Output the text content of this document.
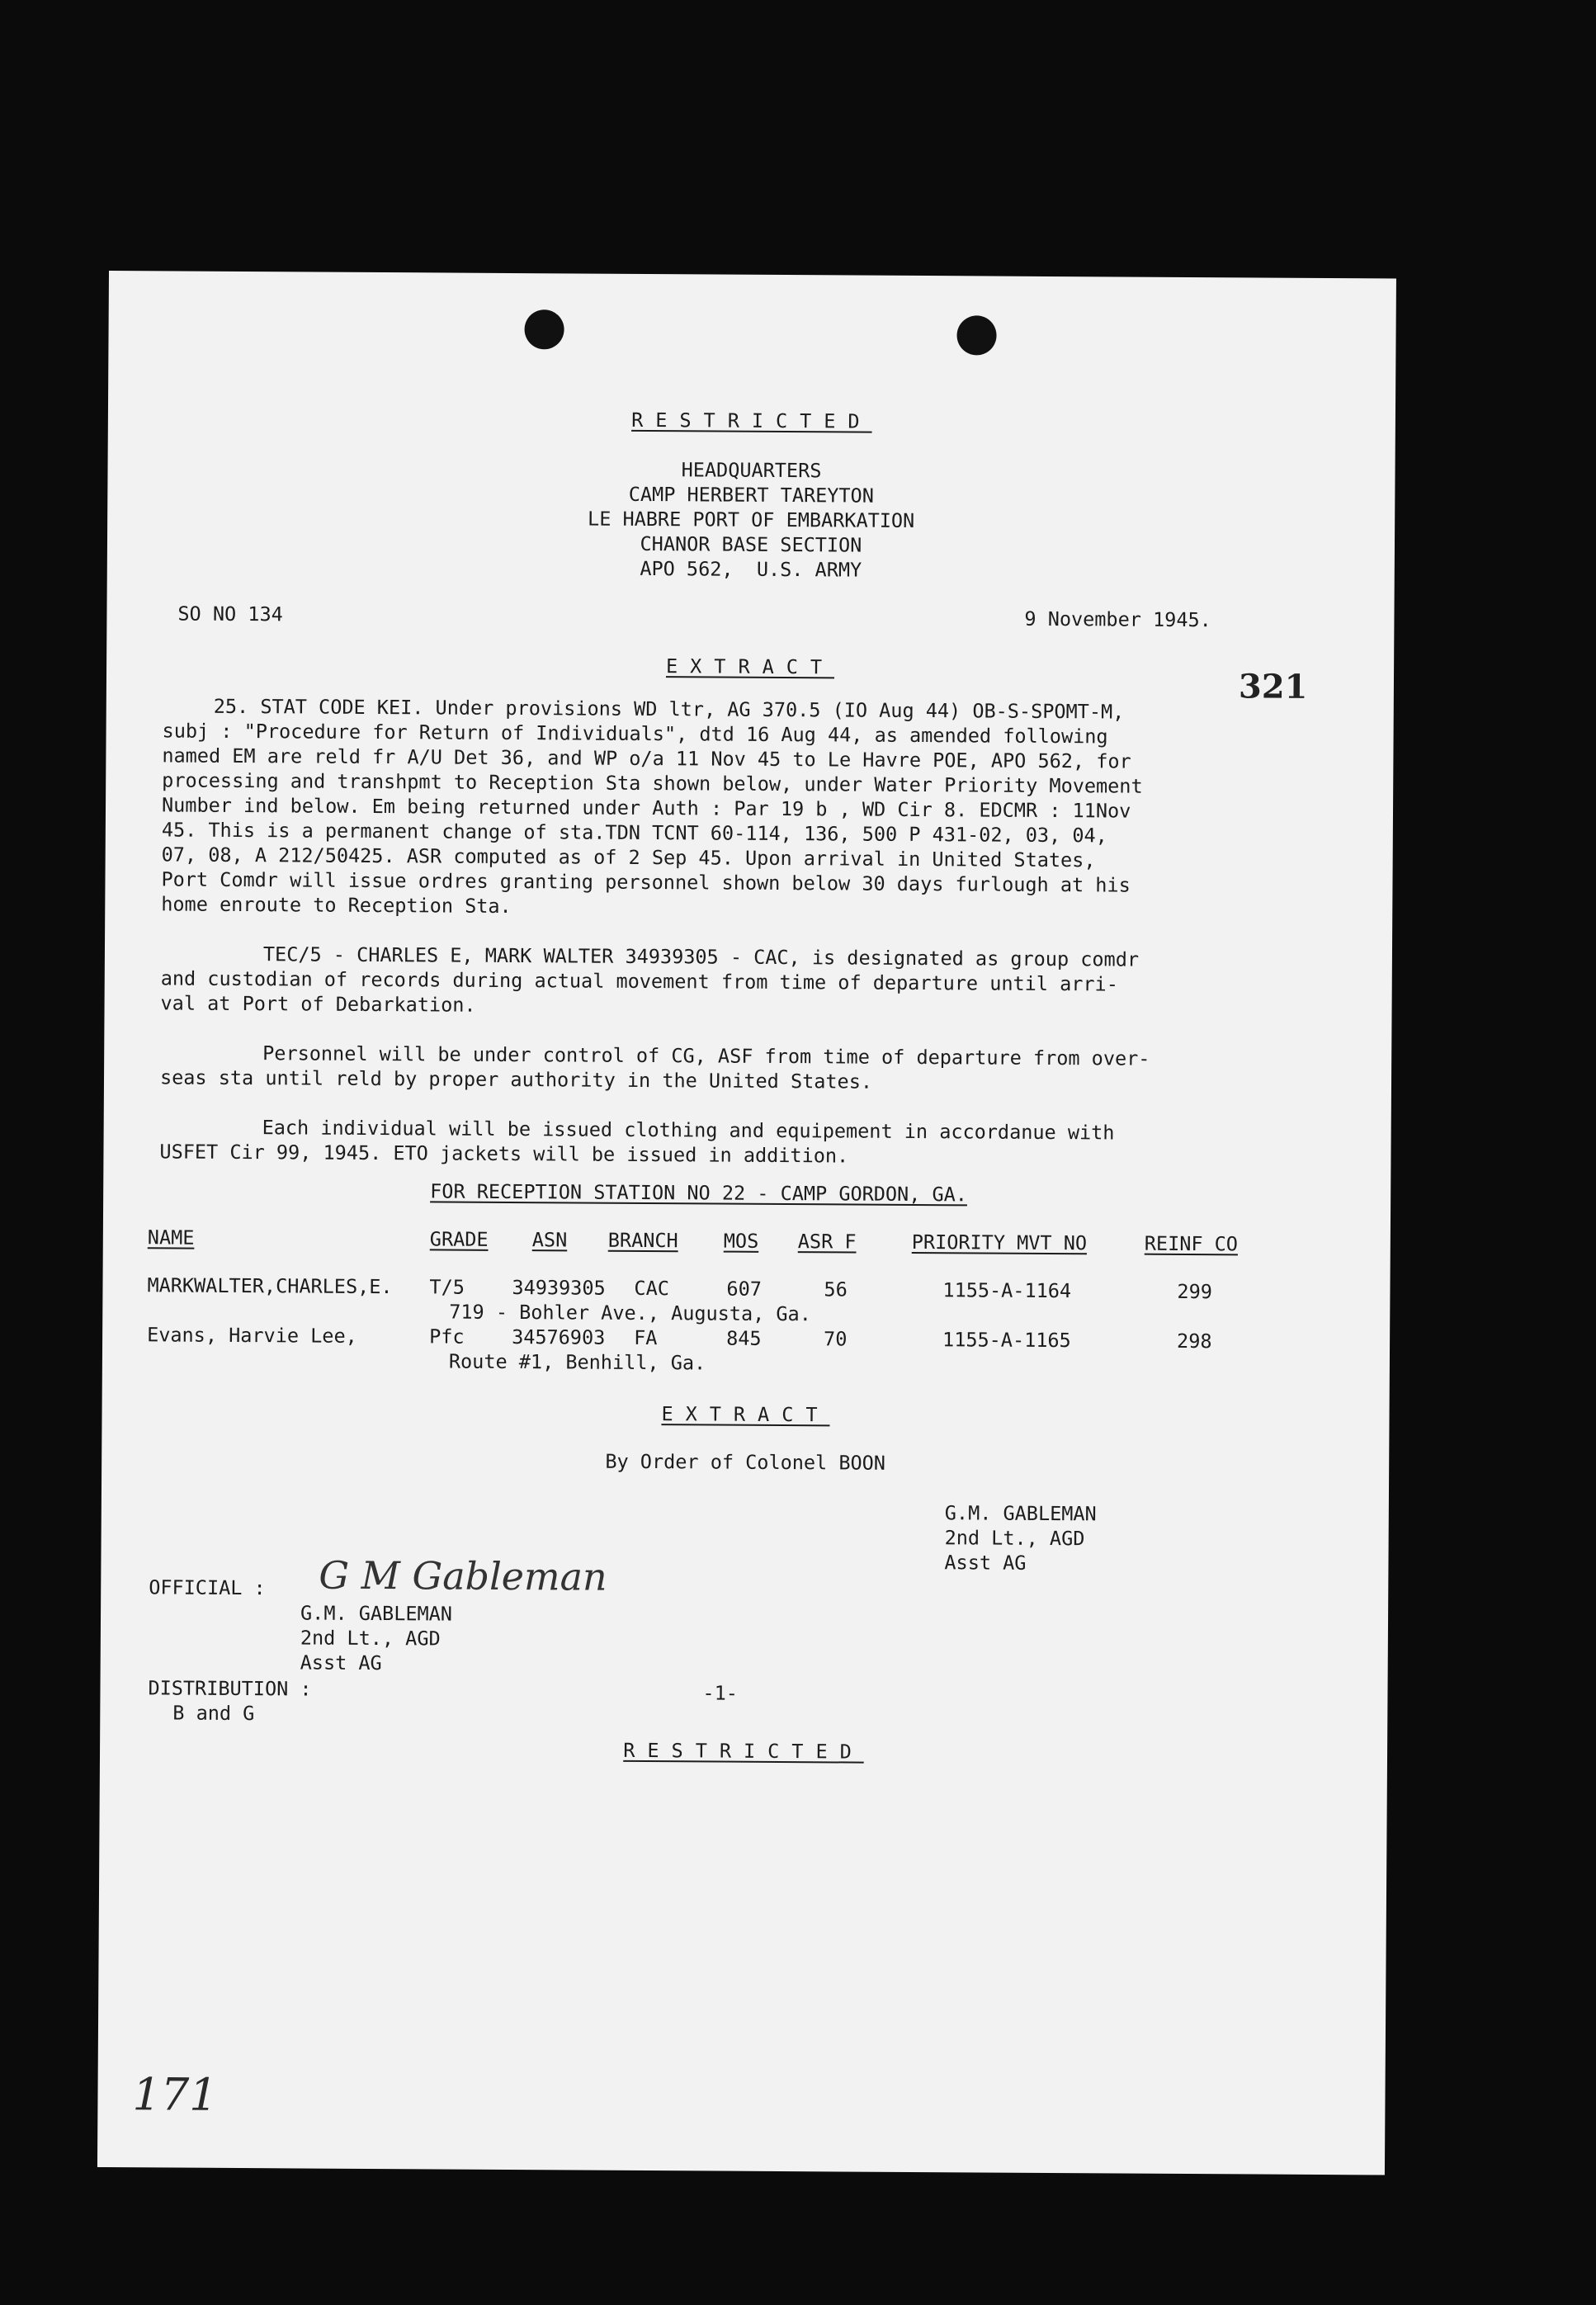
RESTRICTED
HEADQUARTERS
CAMP HERBERT TAREYTON
LE HABRE PORT OF EMBARKATION
CHANOR BASE SECTION
APO 562,  U.S. ARMY
SO NO 134	9 November 1945.
EXTRACT
321
25. STAT CODE KEI. Under provisions WD ltr, AG 370.5 (IO Aug 44) OB-S-SPOMT-M,
subj : "Procedure for Return of Individuals", dtd 16 Aug 44, as amended following
named EM are reld fr A/U Det 36, and WP o/a 11 Nov 45 to Le Havre POE, APO 562, for
processing and transhpmt to Reception Sta shown below, under Water Priority Movement
Number ind below. Em being returned under Auth : Par 19 b , WD Cir 8. EDCMR : 11Nov
45. This is a permanent change of sta.TDN TCNT 60-114, 136, 500 P 431-02, 03, 04,
07, 08, A 212/50425. ASR computed as of 2 Sep 45. Upon arrival in United States,
Port Comdr will issue ordres granting personnel shown below 30 days furlough at his
home enroute to Reception Sta.
TEC/5 - CHARLES E, MARK WALTER 34939305 - CAC, is designated as group comdr
and custodian of records during actual movement from time of departure until arri-
val at Port of Debarkation.
Personnel will be under control of CG, ASF from time of departure from over-
seas sta until reld by proper authority in the United States.
Each individual will be issued clothing and equipement in accordanue with
USFET Cir 99, 1945. ETO jackets will be issued in addition.
FOR RECEPTION STATION NO 22 - CAMP GORDON, GA.
NAME	GRADE ASN BRANCH MOS ASR_F	PRIORITY MVT NO	REINF CO
MARKWALTER,CHARLES,E. T/5 34939305 CAC	607	56	1155-A-1164	299
719 - Bohler Ave., Augusta, Ga.
Evans, Harvie Lee,	Pfc 34576903 FA	845	70	1155-A-1165	298
Route #1, Benhill, Ga.
EXTRACT
By Order of Colonel BOON
G.M. GABLEMAN
2nd Lt., AGD
Asst AG
OFFICIAL : G M Gableman
G.M. GABLEMAN
2nd Lt., AGD
Asst AG
DISTRIBUTION :	-1-
B and G
RESTRICTED
171
